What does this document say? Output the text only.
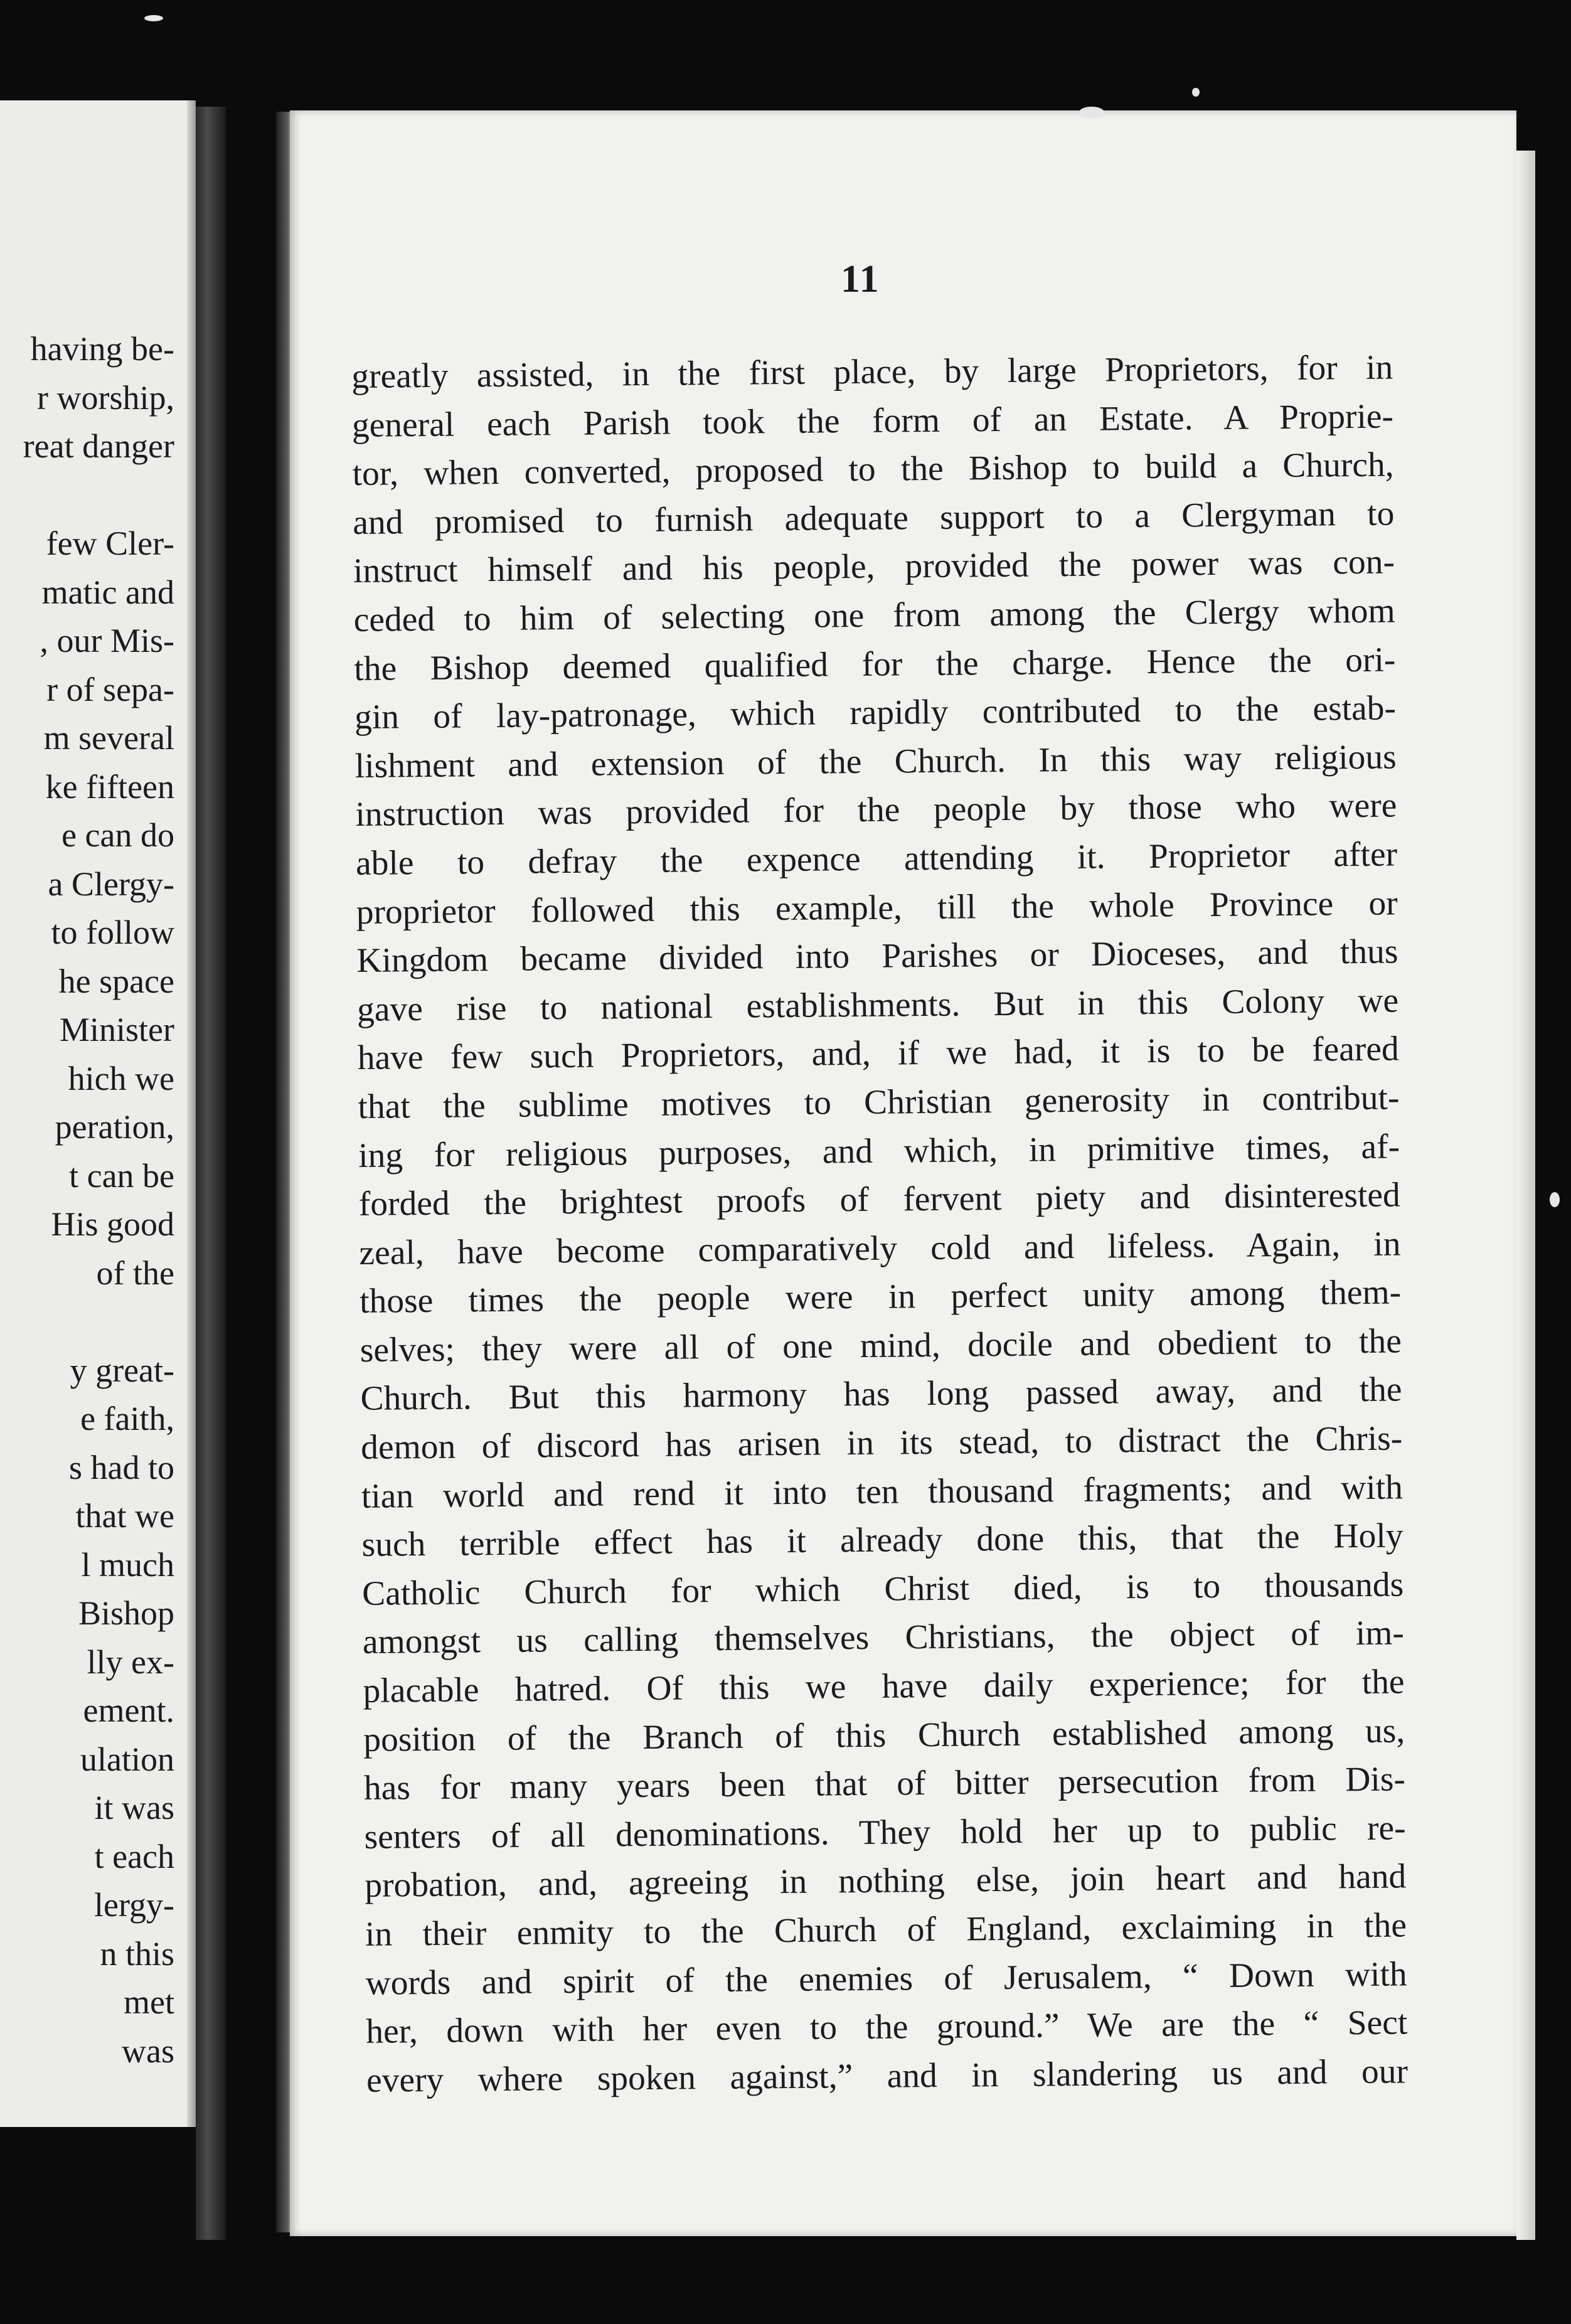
having be-
r worship,
reat danger
few Cler-
matic and
, our Mis-
r of sepa-
m several
ke fifteen
e can do
a Clergy-
to follow
he space
Minister
hich we
peration,
t can be
His good
of the
y great-
e faith,
s had to
that we
l much
Bishop
lly ex-
ement.
ulation
it was
t each
lergy-
n this
met
was
11
greatly assisted, in the first place, by large Proprietors, for in
general each Parish took the form of an Estate. A Proprie-
tor, when converted, proposed to the Bishop to build a Church,
and promised to furnish adequate support to a Clergyman to
instruct himself and his people, provided the power was con-
ceded to him of selecting one from among the Clergy whom
the Bishop deemed qualified for the charge. Hence the ori-
gin of lay-patronage, which rapidly contributed to the estab-
lishment and extension of the Church. In this way religious
instruction was provided for the people by those who were
able to defray the expence attending it. Proprietor after
proprietor followed this example, till the whole Province or
Kingdom became divided into Parishes or Dioceses, and thus
gave rise to national establishments. But in this Colony we
have few such Proprietors, and, if we had, it is to be feared
that the sublime motives to Christian generosity in contribut-
ing for religious purposes, and which, in primitive times, af-
forded the brightest proofs of fervent piety and disinterested
zeal, have become comparatively cold and lifeless. Again, in
those times the people were in perfect unity among them-
selves; they were all of one mind, docile and obedient to the
Church. But this harmony has long passed away, and the
demon of discord has arisen in its stead, to distract the Chris-
tian world and rend it into ten thousand fragments; and with
such terrible effect has it already done this, that the Holy
Catholic Church for which Christ died, is to thousands
amongst us calling themselves Christians, the object of im-
placable hatred. Of this we have daily experience; for the
position of the Branch of this Church established among us,
has for many years been that of bitter persecution from Dis-
senters of all denominations. They hold her up to public re-
probation, and, agreeing in nothing else, join heart and hand
in their enmity to the Church of England, exclaiming in the
words and spirit of the enemies of Jerusalem, “ Down with
her, down with her even to the ground.” We are the “ Sect
every where spoken against,” and in slandering us and our
